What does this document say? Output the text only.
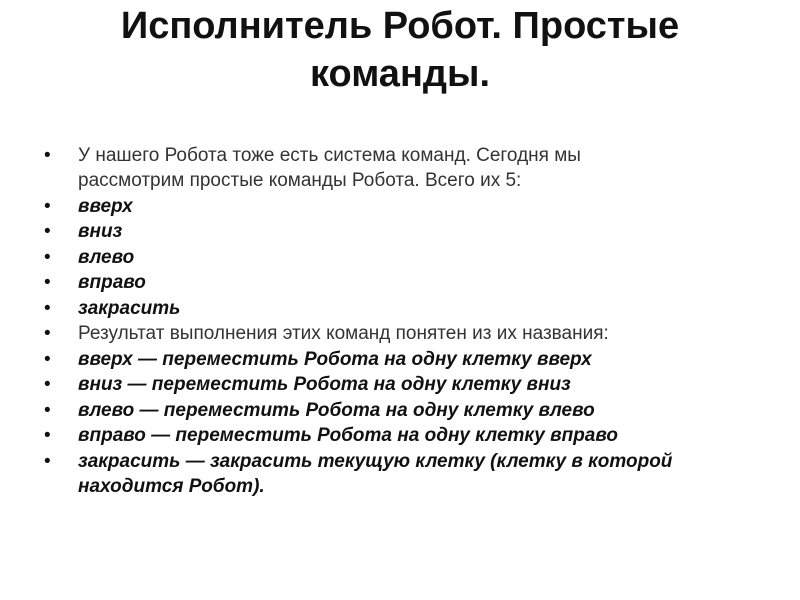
Исполнитель Робот. Простые
команды.
•	У нашего Робота тоже есть система команд. Сегодня мы рассмотрим простые команды Робота. Всего их 5:
•	вверх
•	вниз
•	влево
•	вправо
•	закрасить
•	Результат выполнения этих команд понятен из их названия:
•	вверх — переместить Робота на одну клетку вверх
•	вниз — переместить Робота на одну клетку вниз
•	влево — переместить Робота на одну клетку влево
•	вправо — переместить Робота на одну клетку вправо
•	закрасить — закрасить текущую клетку (клетку в которой находится Робот).
